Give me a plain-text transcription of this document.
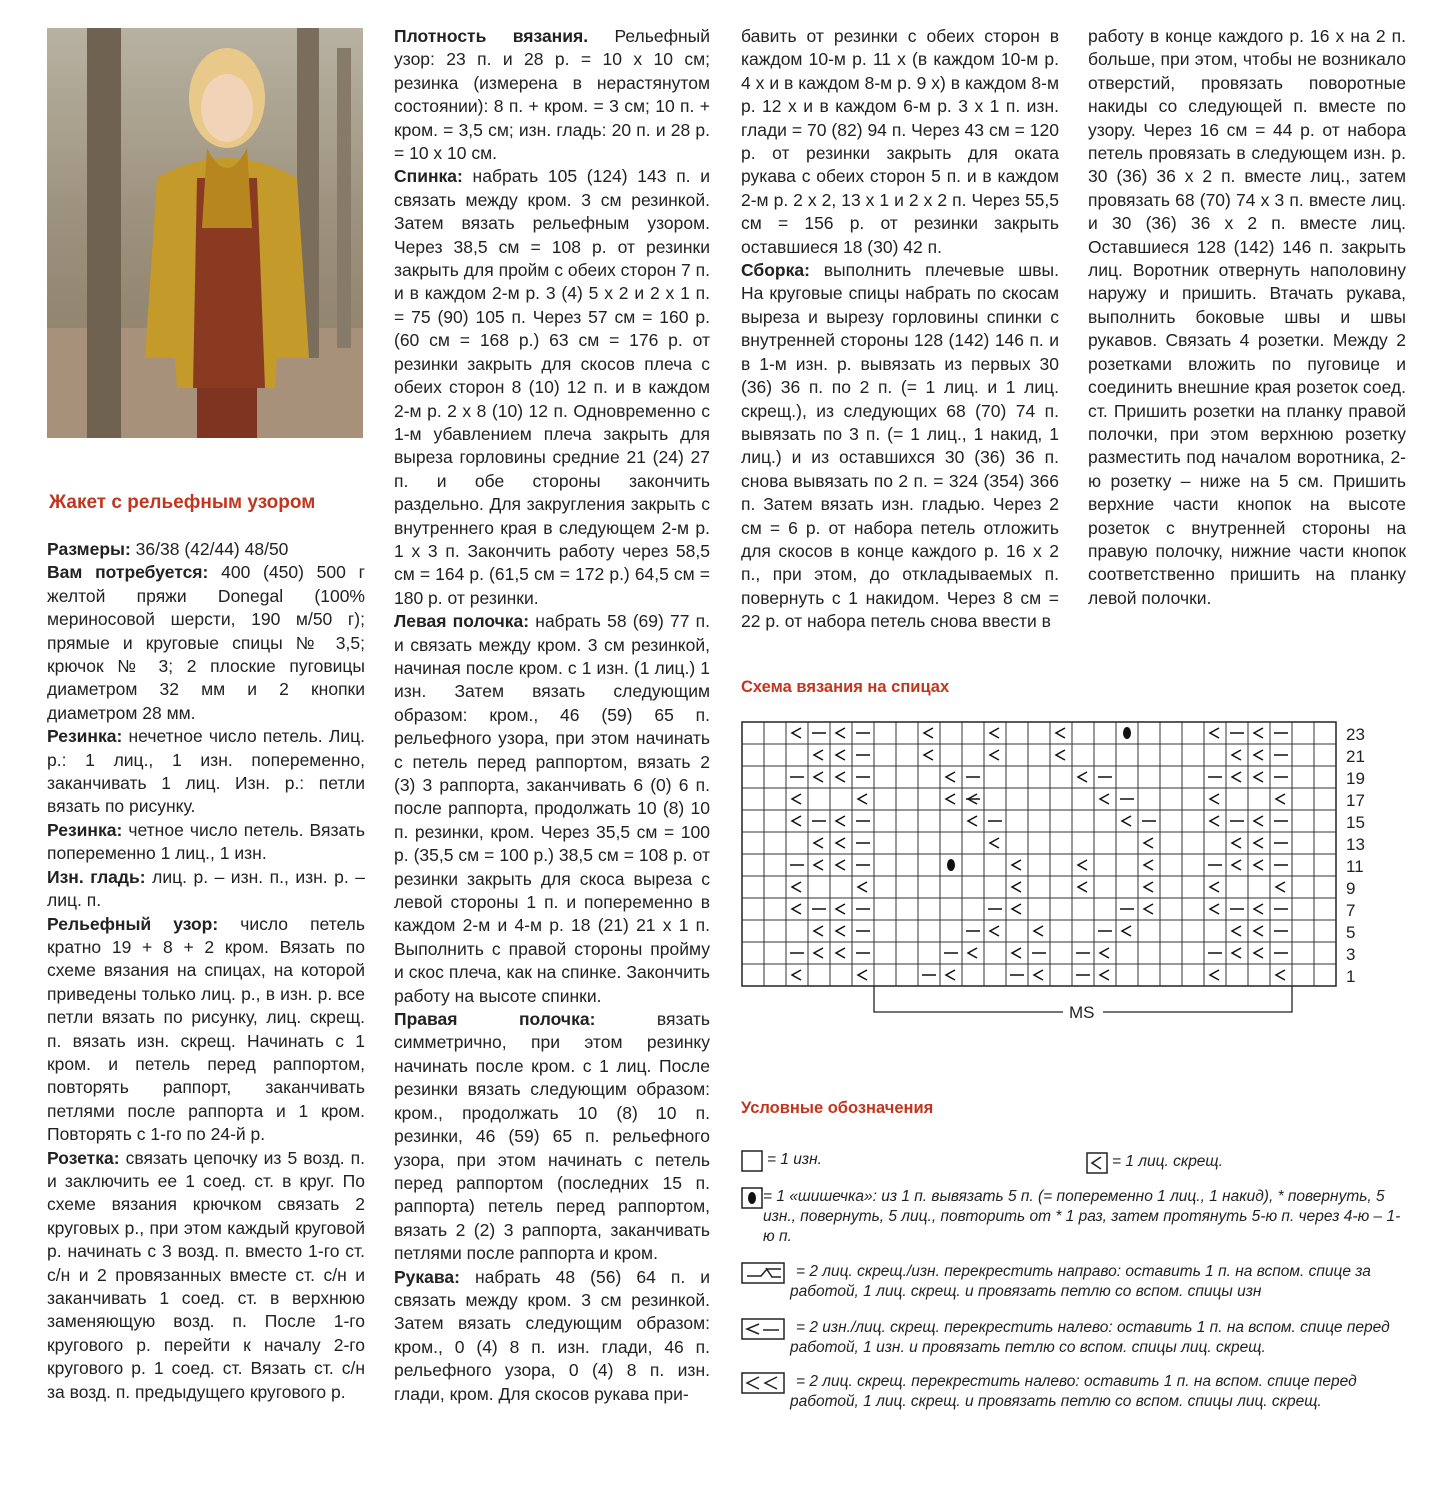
Жакет с рельефным узором

Размеры: 36/38 (42/44) 48/50

Вам потребуется: 400 (450) 500 г желтой пряжи Donegal (100% мериносовой шерсти, 190 м/50 г); прямые и круговые спицы № 3,5; крючок № 3; 2 плоские пуговицы диаметром 32 мм и 2 кнопки диаметром 28 мм.

Резинка: нечетное число петель. Лиц. р.: 1 лиц., 1 изн. попеременно, заканчивать 1 лиц. Изн. р.: петли вязать по рисунку.

Резинка: четное число петель. Вязать попеременно 1 лиц., 1 изн.

Изн. гладь: лиц. р. – изн. п., изн. р. – лиц. п.

Рельефный узор: число петель кратно 19 + 8 + 2 кром. Вязать по схеме вязания на спицах, на которой приведены только лиц. р., в изн. р. все петли вязать по рисунку, лиц. скрещ. п. вязать изн. скрещ. Начинать с 1 кром. и петель перед раппортом, повторять раппорт, заканчивать петлями после раппорта и 1 кром. Повторять с 1-го по 24-й р.

Розетка: связать цепочку из 5 возд. п. и заключить ее 1 соед. ст. в круг. По схеме вязания крючком связать 2 круговых р., при этом каждый круговой р. начинать с 3 возд. п. вместо 1-го ст. с/н и 2 провязанных вместе ст. с/н и заканчивать 1 соед. ст. в верхнюю заменяющую возд. п. После 1-го кругового р. перейти к началу 2-го кругового р. 1 соед. ст. Вязать ст. с/н за возд. п. предыдущего кругового р.

Плотность вязания. Рельефный узор: 23 п. и 28 р. = 10 х 10 см; резинка (измерена в нерастянутом состоянии): 8 п. + кром. = 3 см; 10 п. + кром. = 3,5 см; изн. гладь: 20 п. и 28 р. = 10 х 10 см.

Спинка: набрать 105 (124) 143 п. и связать между кром. 3 см резинкой. Затем вязать рельефным узором. Через 38,5 см = 108 р. от резинки закрыть для пройм с обеих сторон 7 п. и в каждом 2-м р. 3 (4) 5 х 2 и 2 х 1 п. = 75 (90) 105 п. Через 57 см = 160 р. (60 см = 168 р.) 63 см = 176 р. от резинки закрыть для скосов плеча с обеих сторон 8 (10) 12 п. и в каждом 2-м р. 2 х 8 (10) 12 п. Одновременно с 1-м убавлением плеча закрыть для выреза горловины средние 21 (24) 27 п. и обе стороны закончить раздельно. Для закругления закрыть с внутреннего края в следующем 2-м р. 1 х 3 п. Закончить работу через 58,5 см = 164 р. (61,5 см = 172 р.) 64,5 см = 180 р. от резинки.

Левая полочка: набрать 58 (69) 77 п. и связать между кром. 3 см резинкой, начиная после кром. с 1 изн. (1 лиц.) 1 изн. Затем вязать следующим образом: кром., 46 (59) 65 п. рельефного узора, при этом начинать с петель перед раппортом, вязать 2 (3) 3 раппорта, заканчивать 6 (0) 6 п. после раппорта, продолжать 10 (8) 10 п. резинки, кром. Через 35,5 см = 100 р. (35,5 см = 100 р.) 38,5 см = 108 р. от резинки закрыть для скоса выреза с левой стороны 1 п. и попеременно в каждом 2-м и 4-м р. 18 (21) 21 х 1 п. Выполнить с правой стороны пройму и скос плеча, как на спинке. Закончить работу на высоте спинки.

Правая полочка: вязать симметрично, при этом резинку начинать после кром. с 1 лиц. После резинки вязать следующим образом: кром., продолжать 10 (8) 10 п. резинки, 46 (59) 65 п. рельефного узора, при этом начинать с петель перед раппортом (последних 15 п. раппорта) петель перед раппортом, вязать 2 (2) 3 раппорта, заканчивать петлями после раппорта и кром.

Рукава: набрать 48 (56) 64 п. и связать между кром. 3 см резинкой. Затем вязать следующим образом: кром., 0 (4) 8 п. изн. глади, 46 п. рельефного узора, 0 (4) 8 п. изн. глади, кром. Для скосов рукава при-

бавить от резинки с обеих сторон в каждом 10-м р. 11 х (в каждом 10-м р. 4 х и в каждом 8-м р. 9 х) в каждом 8-м р. 12 х и в каждом 6-м р. 3 х 1 п. изн. глади = 70 (82) 94 п. Через 43 см = 120 р. от резинки закрыть для оката рукава с обеих сторон 5 п. и в каждом 2-м р. 2 х 2, 13 х 1 и 2 х 2 п. Через 55,5 см = 156 р. от резинки закрыть оставшиеся 18 (30) 42 п.

Сборка: выполнить плечевые швы. На круговые спицы набрать по скосам выреза и вырезу горловины спинки с внутренней стороны 128 (142) 146 п. и в 1-м изн. р. вывязать из первых 30 (36) 36 п. по 2 п. (= 1 лиц. и 1 лиц. скрещ.), из следующих 68 (70) 74 п. вывязать по 3 п. (= 1 лиц., 1 накид, 1 лиц.) и из оставшихся 30 (36) 36 п. снова вывязать по 2 п. = 324 (354) 366 п. Затем вязать изн. гладью. Через 2 см = 6 р. от набора петель отложить для скосов в конце каждого р. 16 х 2 п., при этом, до откладываемых п. повернуть с 1 накидом. Через 8 см = 22 р. от набора петель снова ввести в

работу в конце каждого р. 16 х на 2 п. больше, при этом, чтобы не возникало отверстий, провязать поворотные накиды со следующей п. вместе по узору. Через 16 см = 44 р. от набора петель провязать в следующем изн. р. 30 (36) 36 х 2 п. вместе лиц., затем провязать 68 (70) 74 х 3 п. вместе лиц. и 30 (36) 36 х 2 п. вместе лиц. Оставшиеся 128 (142) 146 п. закрыть лиц. Воротник отвернуть наполовину наружу и пришить. Втачать рукава, выполнить боковые швы и швы рукавов. Связать 4 розетки. Между 2 розетками вложить по пуговице и соединить внешние края розеток соед. ст. Пришить розетки на планку правой полочки, при этом верхнюю розетку разместить под началом воротника, 2-ю розетку – ниже на 5 см. Пришить верхние части кнопок на высоте розеток с внутренней стороны на правую полочку, нижние части кнопок соответственно пришить на планку левой полочки.

Схема вязания на спицах
23
21
19
17
15
13
11
9
7
5
3
1
MS
Условные обозначения
= 1 изн.	= 1 лиц. скрещ.
= 1 «шишечка»: из 1 п. вывязать 5 п. (= попеременно 1 лиц., 1 накид), * повернуть, 5 изн., повернуть, 5 лиц., повторить от * 1 раз, затем протянуть 5-ю п. через 4-ю – 1-ю п.
= 2 лиц. скрещ./изн. перекрестить направо: оставить 1 п. на вспом. спице за работой, 1 лиц. скрещ. и провязать петлю со вспом. спицы изн
= 2 изн./лиц. скрещ. перекрестить налево: оставить 1 п. на вспом. спице перед работой, 1 изн. и провязать петлю со вспом. спицы лиц. скрещ.
= 2 лиц. скрещ. перекрестить налево: оставить 1 п. на вспом. спице перед работой, 1 лиц. скрещ. и провязать петлю со вспом. спицы лиц. скрещ.
